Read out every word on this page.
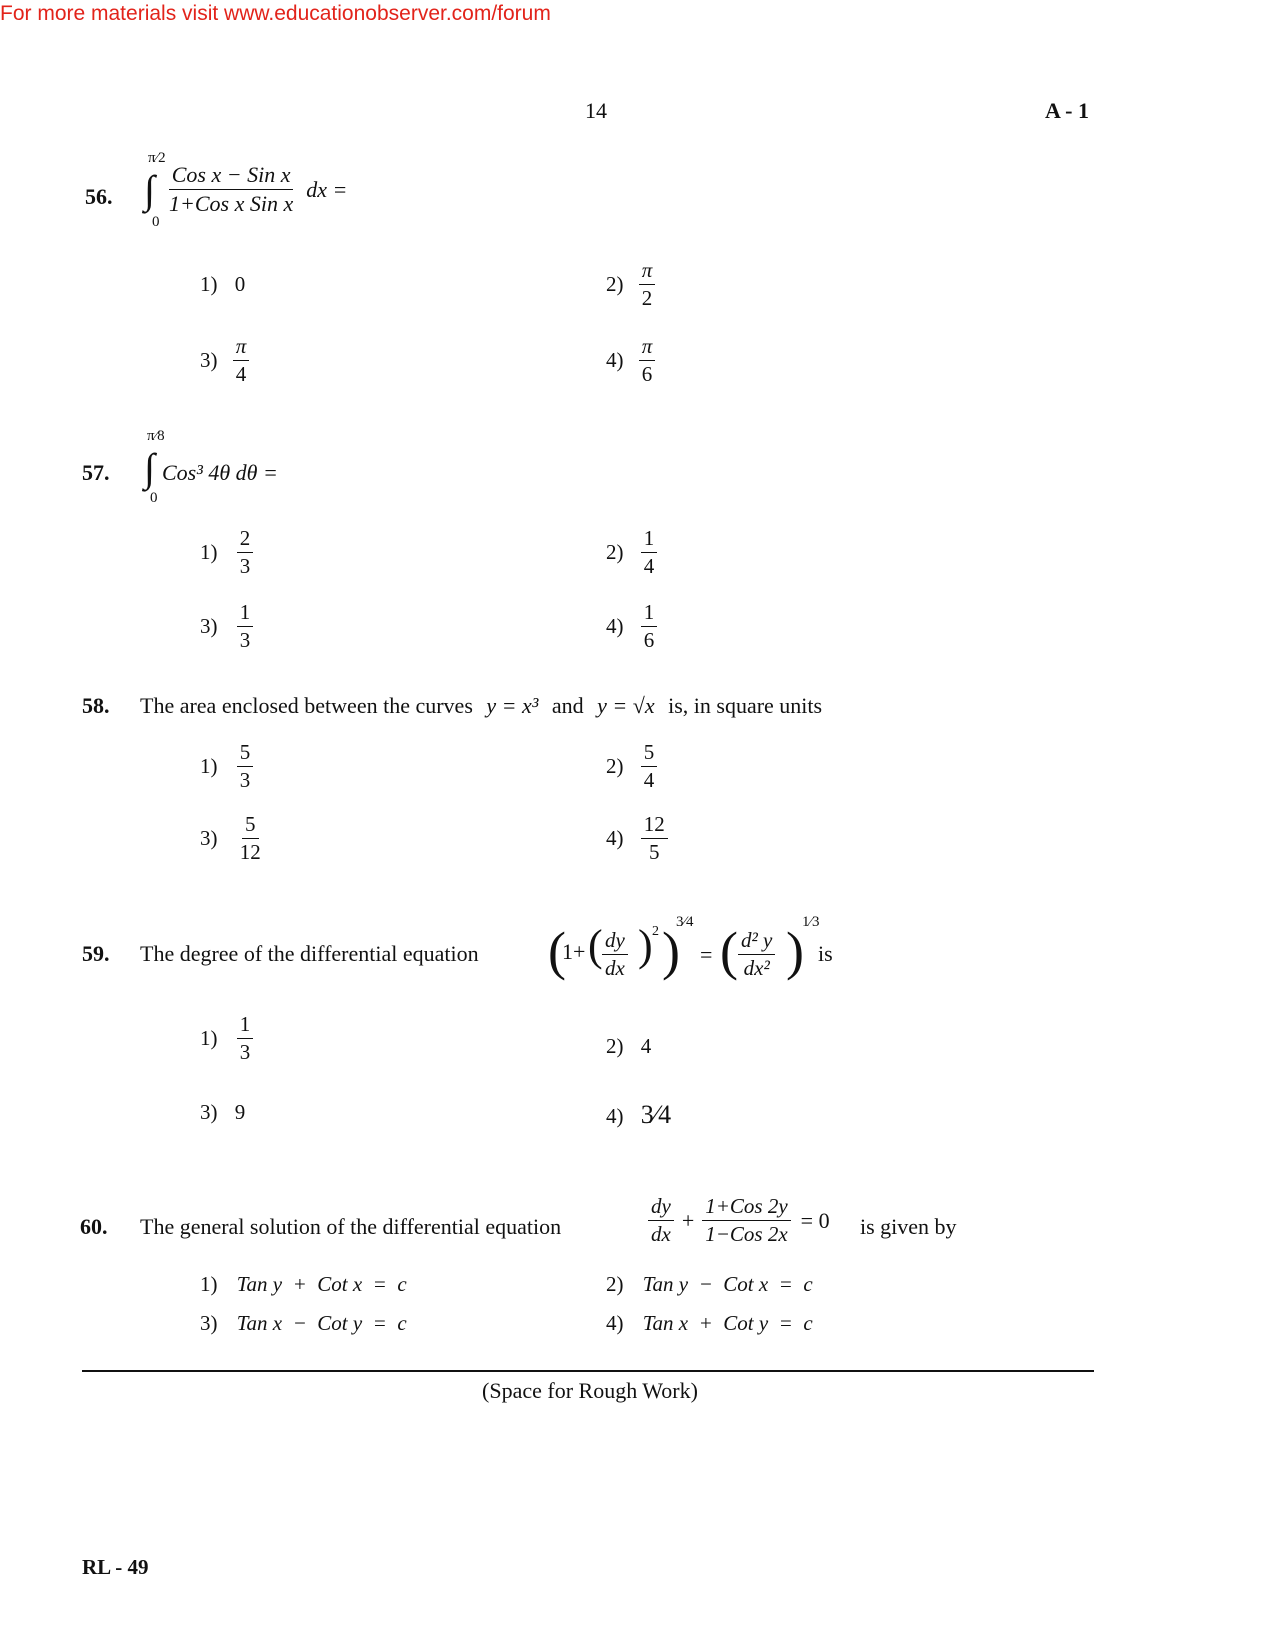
For more materials visit www.educationobserver.com/forum
14	A - 1
56.
π⁄2
∫
0
$\frac{\text{Cos x − Sin x}}{\text{1+Cos x Sin x}}$ dx =
1) 0	$2) \frac{\pi}{2}$
$3) \frac{\pi}{4}$	$4) \frac{\pi}{6}$
57.
π⁄8
∫
0
Cos³ 4θ dθ =
$1) \frac{2}{3}$	$2) \frac{1}{4}$
$3) \frac{1}{3}$	$4) \frac{1}{6}$
58. The area enclosed between the curves y = x³ and y = √x is, in square units
$1) \frac{5}{3}$	$2) \frac{5}{4}$
$3) \frac{5}{12}$	$4) \frac{12}{5}$
59. The degree of the differential equation (
1+ ( $\frac{dy}{dx}$ ) 2 )
3⁄4
= ( $\frac{\text{d² y}}{\text{dx²}}$ )
1⁄3
is
$1) \frac{1}{3}$	2) 4
3) 9	4) 3⁄4
60. The general solution of the differential equation	$\frac{dy}{dx} + \frac{\text{1+Cos 2y}}{\text{1−Cos 2x}} = 0$ is given by
1) Tan y  +  Cot x  =  c	2) Tan y  −  Cot x  =  c
3) Tan x  −  Cot y  =  c	4) Tan x  +  Cot y  =  c
(Space for Rough Work)
RL - 49
